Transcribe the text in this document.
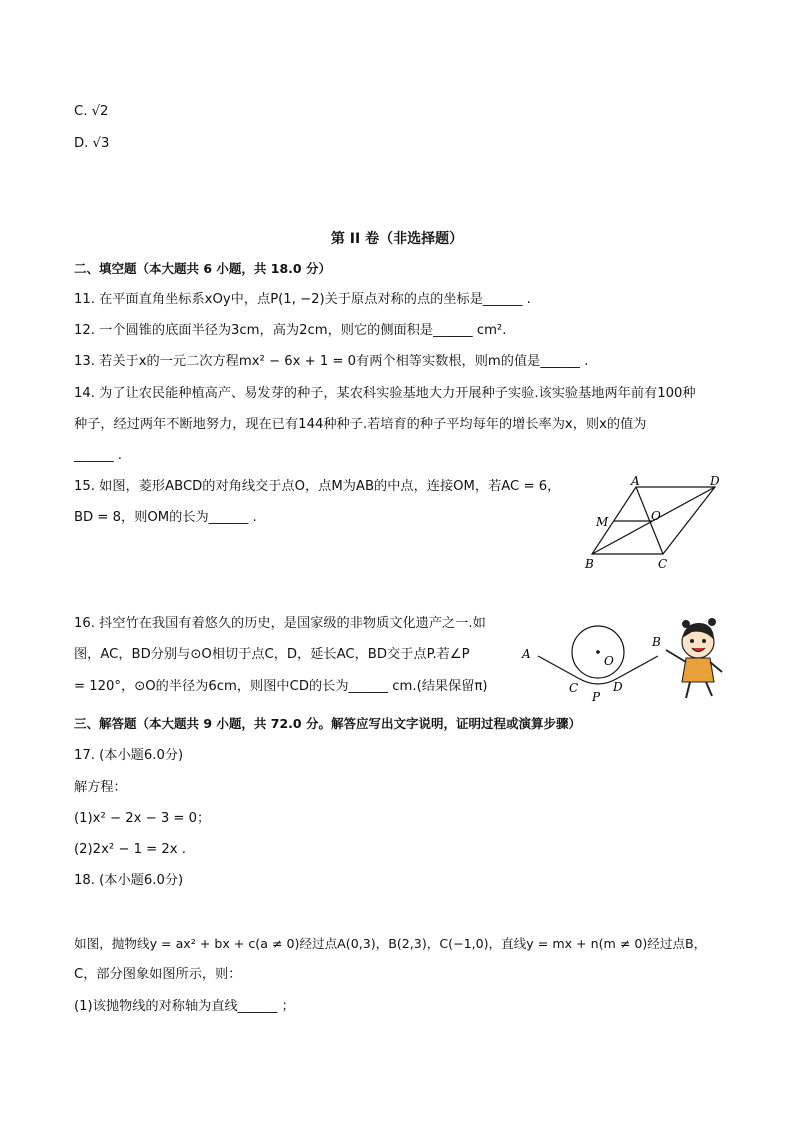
C. √2
D. √3
第 II 卷（非选择题）
二、填空题（本大题共 6 小题，共 18.0 分）
11. 在平面直角坐标系xOy中，点P(1, −2)关于原点对称的点的坐标是______ .
12. 一个圆锥的底面半径为3cm，高为2cm，则它的侧面积是______ cm².
13. 若关于x的一元二次方程mx² − 6x + 1 = 0有两个相等实数根，则m的值是______ .
14. 为了让农民能种植高产、易发芽的种子，某农科实验基地大力开展种子实验.该实验基地两年前有100种
种子，经过两年不断地努力，现在已有144种种子.若培育的种子平均每年的增长率为x，则x的值为
______ .
15. 如图，菱形ABCD的对角线交于点O，点M为AB的中点，连接OM，若AC = 6，
BD = 8，则OM的长为______ .
A	D
M	O
B	C
16. 抖空竹在我国有着悠久的历史，是国家级的非物质文化遗产之一.如
图，AC，BD分别与⊙O相切于点C，D，延长AC，BD交于点P.若∠P
= 120°，⊙O的半径为6cm，则图中CD的长为______ cm.(结果保留π)
A
B
O
C	D
P
三、解答题（本大题共 9 小题，共 72.0 分。解答应写出文字说明，证明过程或演算步骤）
17. (本小题6.0分)
解方程：
(1)x² − 2x − 3 = 0；
(2)2x² − 1 = 2x .
18. (本小题6.0分)
如图，抛物线y = ax² + bx + c(a ≠ 0)经过点A(0,3)，B(2,3)，C(−1,0)，直线y = mx + n(m ≠ 0)经过点B，
C，部分图象如图所示，则：
(1)该抛物线的对称轴为直线______ ；
